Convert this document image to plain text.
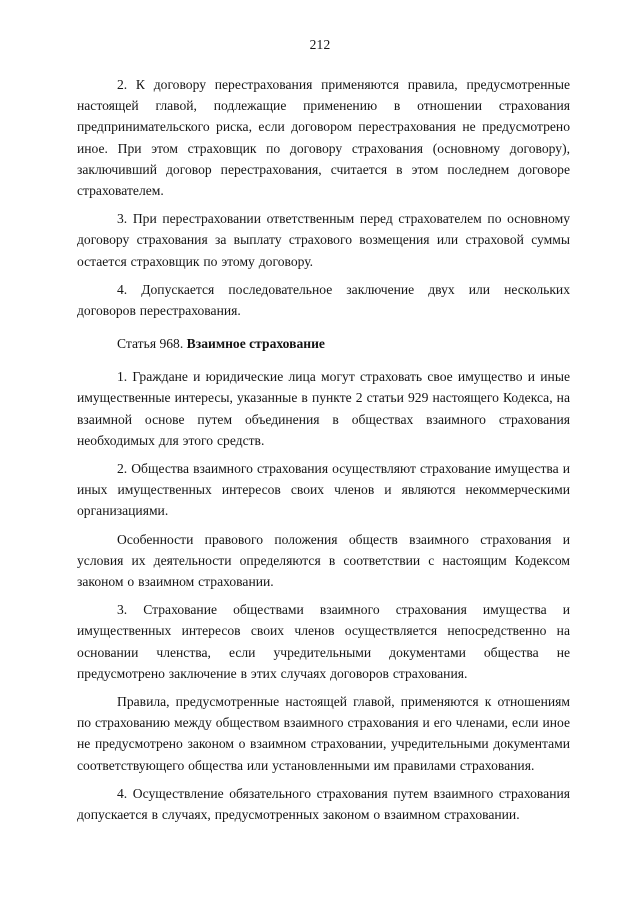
212

2. К договору перестрахования применяются правила, предусмотренные настоящей главой, подлежащие применению в отношении страхования предпринимательского риска, если договором перестрахования не предусмотрено иное. При этом страховщик по договору страхования (основному договору), заключивший договор перестрахования, считается в этом последнем договоре страхователем.

3. При перестраховании ответственным перед страхователем по основному договору страхования за выплату страхового возмещения или страховой суммы остается страховщик по этому договору.

4. Допускается последовательное заключение двух или нескольких договоров перестрахования.

Статья 968. Взаимное страхование

1. Граждане и юридические лица могут страховать свое имущество и иные имущественные интересы, указанные в пункте 2 статьи 929 настоящего Кодекса, на взаимной основе путем объединения в обществах взаимного страхования необходимых для этого средств.

2. Общества взаимного страхования осуществляют страхование имущества и иных имущественных интересов своих членов и являются некоммерческими организациями.

Особенности правового положения обществ взаимного страхования и условия их деятельности определяются в соответствии с настоящим Кодексом законом о взаимном страховании.

3. Страхование обществами взаимного страхования имущества и имущественных интересов своих членов осуществляется непосредственно на основании членства, если учредительными документами общества не предусмотрено заключение в этих случаях договоров страхования.

Правила, предусмотренные настоящей главой, применяются к отношениям по страхованию между обществом взаимного страхования и его членами, если иное не предусмотрено законом о взаимном страховании, учредительными документами соответствующего общества или установленными им правилами страхования.

4. Осуществление обязательного страхования путем взаимного страхования допускается в случаях, предусмотренных законом о взаимном страховании.
